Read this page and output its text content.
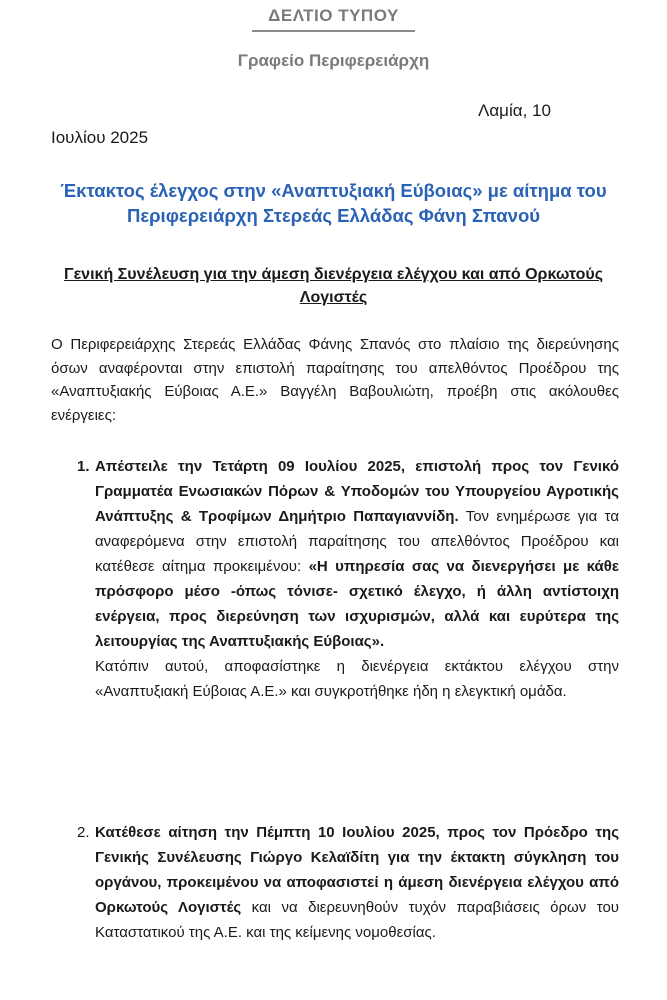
ΔΕΛΤΙΟ ΤΥΠΟΥ
Γραφείο Περιφερειάρχη
Λαμία, 10
Ιουλίου 2025
Έκτακτος έλεγχος στην «Αναπτυξιακή Εύβοιας» με αίτημα του Περιφερειάρχη Στερεάς Ελλάδας Φάνη Σπανού
Γενική Συνέλευση για την άμεση διενέργεια ελέγχου και από Ορκωτούς Λογιστές
Ο Περιφερειάρχης Στερεάς Ελλάδας Φάνης Σπανός στο πλαίσιο της διερεύνησης όσων αναφέρονται στην επιστολή παραίτησης του απελθόντος Προέδρου της «Αναπτυξιακής Εύβοιας Α.Ε.» Βαγγέλη Βαβουλιώτη, προέβη στις ακόλουθες ενέργειες:
1. Απέστειλε την Τετάρτη 09 Ιουλίου 2025, επιστολή προς τον Γενικό Γραμματέα Ενωσιακών Πόρων & Υποδομών του Υπουργείου Αγροτικής Ανάπτυξης & Τροφίμων Δημήτριο Παπαγιαννίδη. Τον ενημέρωσε για τα αναφερόμενα στην επιστολή παραίτησης του απελθόντος Προέδρου και κατέθεσε αίτημα προκειμένου: «Η υπηρεσία σας να διενεργήσει με κάθε πρόσφορο μέσο -όπως τόνισε- σχετικό έλεγχο, ή άλλη αντίστοιχη ενέργεια, προς διερεύνηση των ισχυρισμών, αλλά και ευρύτερα της λειτουργίας της Αναπτυξιακής Εύβοιας».
Κατόπιν αυτού, αποφασίστηκε η διενέργεια εκτάκτου ελέγχου στην «Αναπτυξιακή Εύβοιας Α.Ε.» και συγκροτήθηκε ήδη η ελεγκτική ομάδα.
2. Κατέθεσε αίτηση την Πέμπτη 10 Ιουλίου 2025, προς τον Πρόεδρο της Γενικής Συνέλευσης Γιώργο Κελαϊδίτη για την έκτακτη σύγκληση του οργάνου, προκειμένου να αποφασιστεί η άμεση διενέργεια ελέγχου από Ορκωτούς Λογιστές και να διερευνηθούν τυχόν παραβιάσεις όρων του Καταστατικού της Α.Ε. και της κείμενης νομοθεσίας.
